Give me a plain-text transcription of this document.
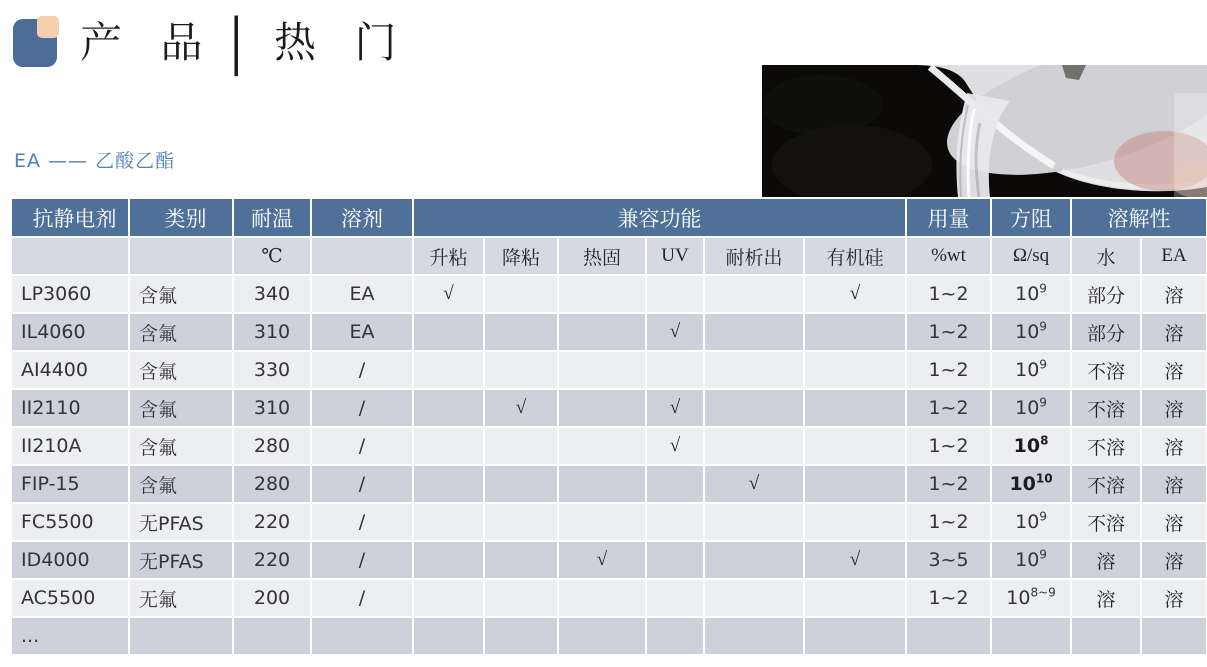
产 品│ 热 门
EA —— 乙酸乙酯
抗静电剂	类别	耐温	溶剂	兼容功能						用量	方阻	溶解性	
		℃		升粘	降粘	热固	UV	耐析出	有机硅	%wt	Ω/sq	水	EA
LP3060	含氟	340	EA	√					√	1~2	$10^9$	部分	溶
IL4060	含氟	310	EA				√			1~2	$10^9$	部分	溶
AI4400	含氟	330	/							1~2	$10^9$	不溶	溶
II2110	含氟	310	/		√		√			1~2	$10^9$	不溶	溶
II210A	含氟	280	/				√			1~2	$10^8$	不溶	溶
FIP-15	含氟	280	/					√		1~2	$10^{10}$	不溶	溶
FC5500	无PFAS	220	/							1~2	$10^9$	不溶	溶
ID4000	无PFAS	220	/			√			√	3~5	$10^9$	溶	溶
AC5500	无氟	200	/							1~2	$10^{8\sim 9}$	溶	溶
...													
